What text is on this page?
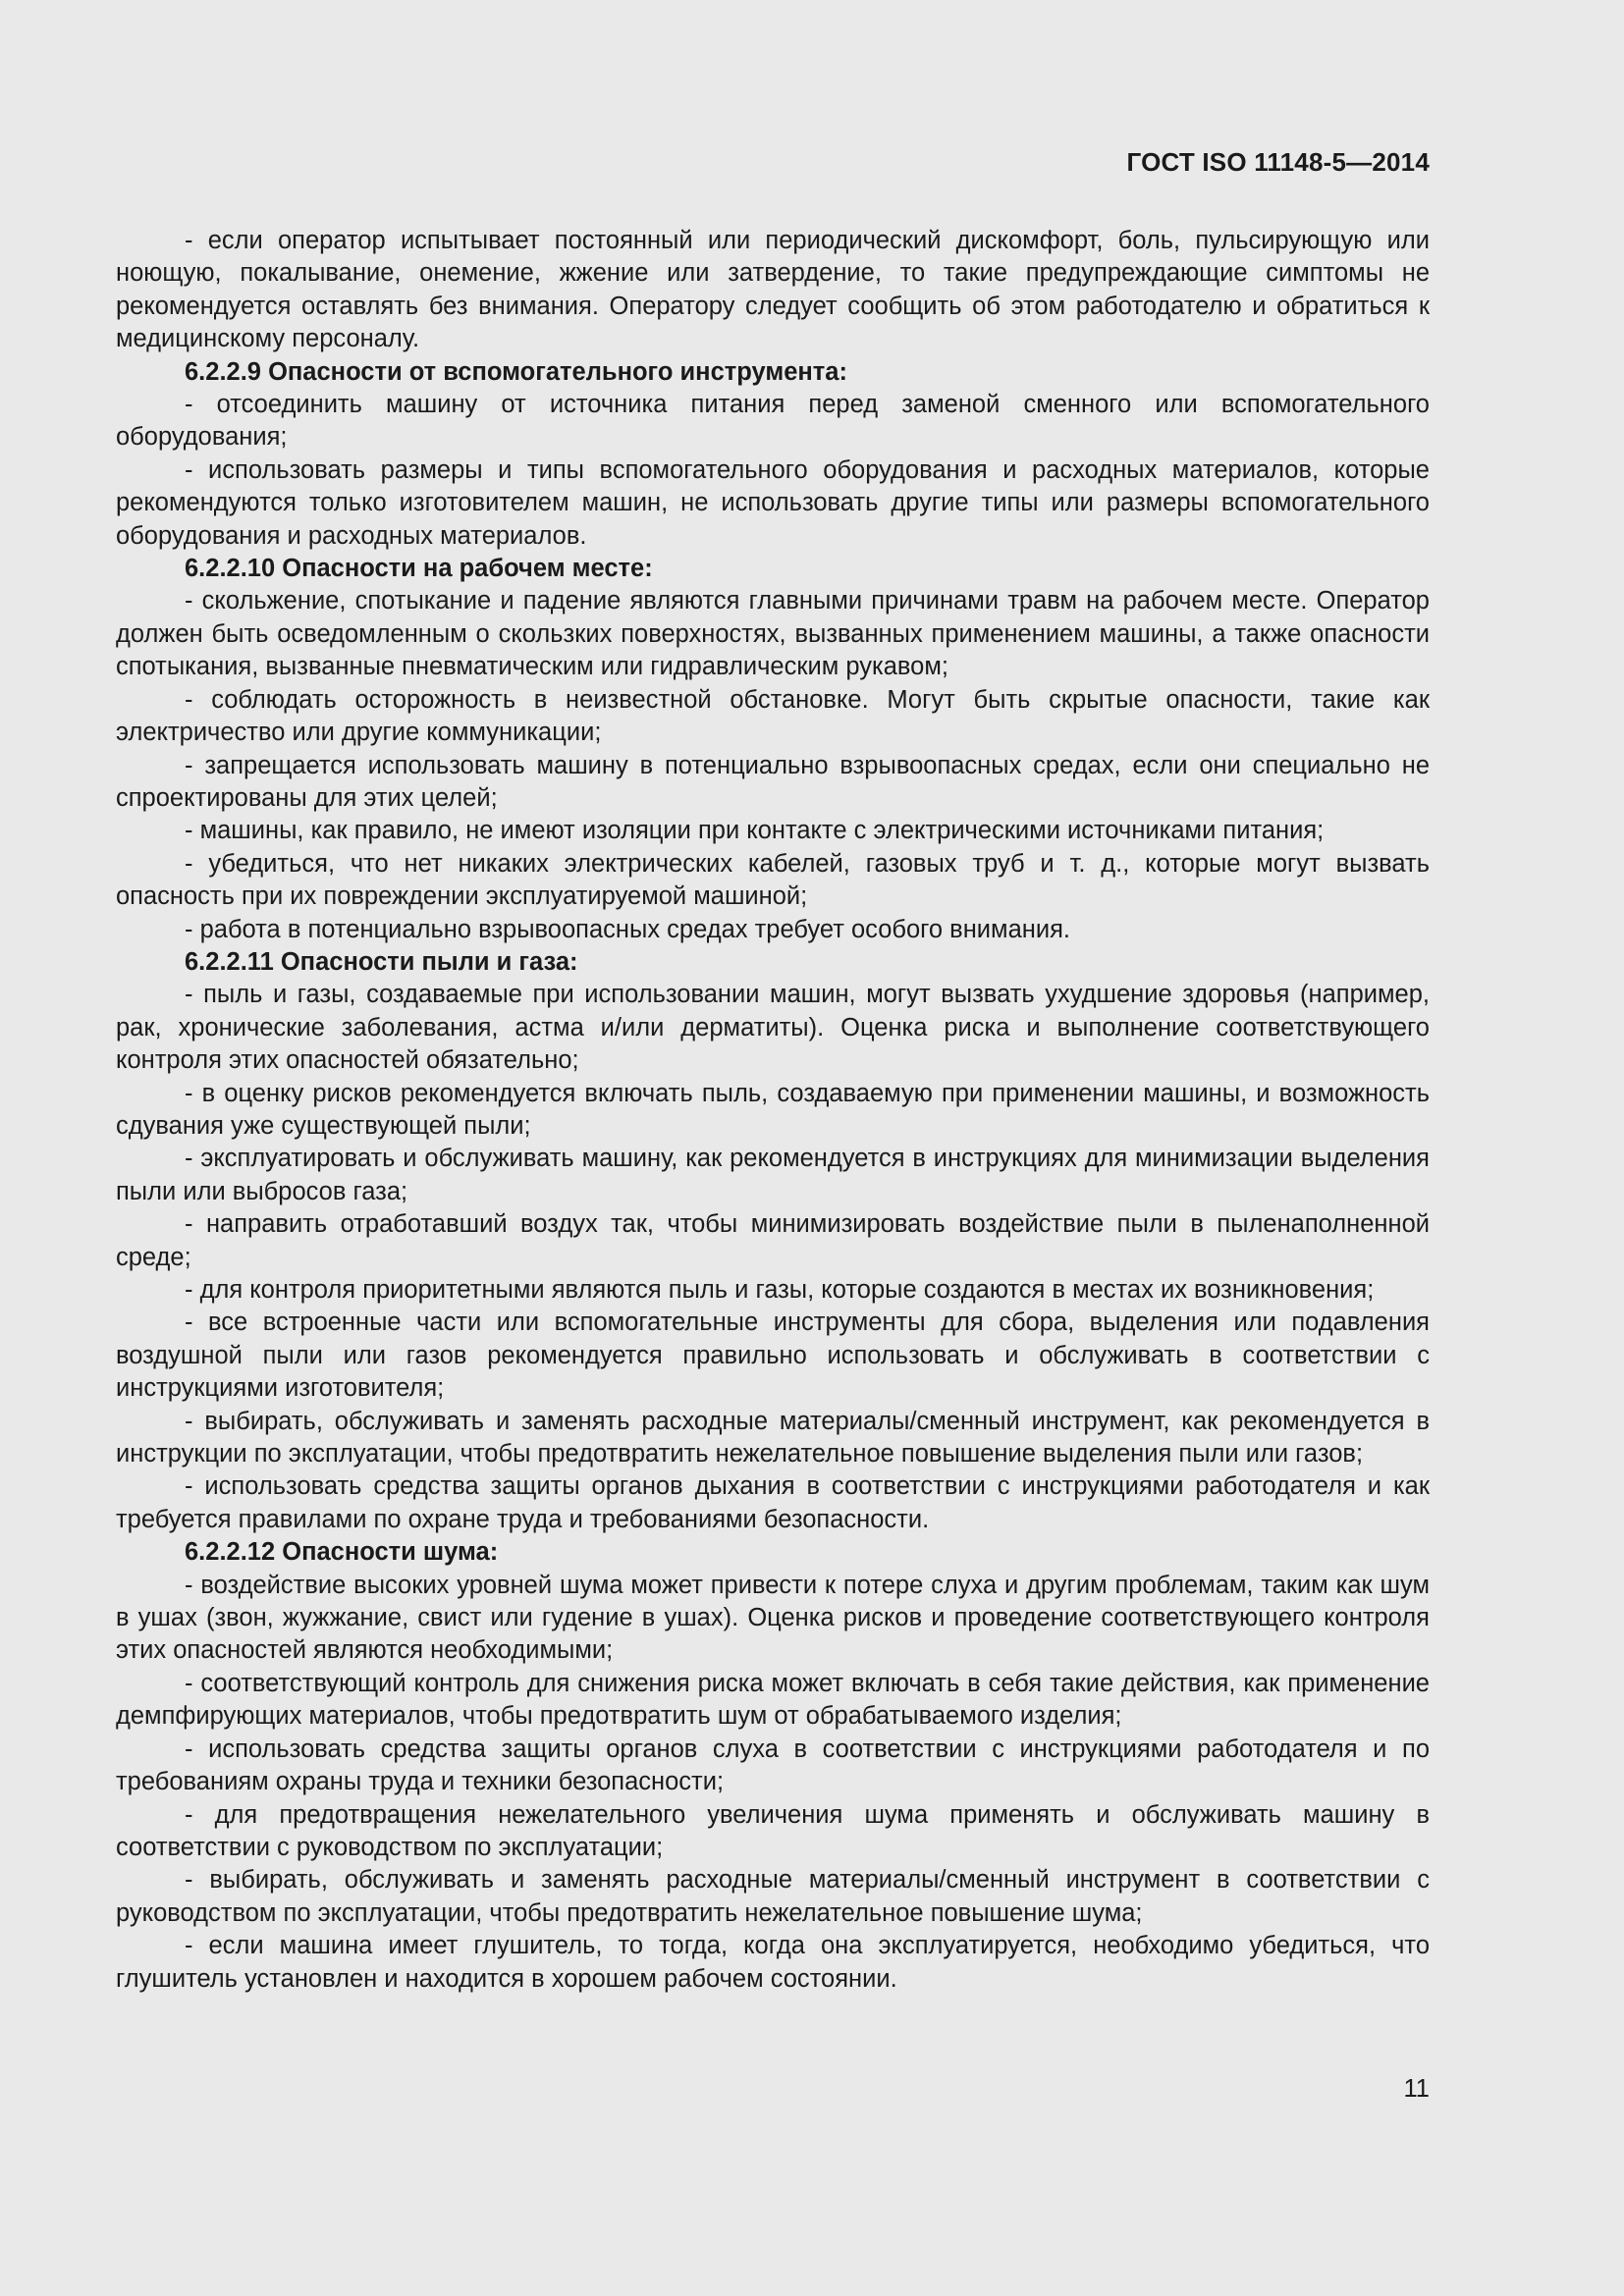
ГОСТ ISO 11148-5—2014

- если оператор испытывает постоянный или периодический дискомфорт, боль, пульсирующую или ноющую, покалывание, онемение, жжение или затвердение, то такие предупреждающие симптомы не рекомендуется оставлять без внимания. Оператору следует сообщить об этом работодателю и обратиться к медицинскому персоналу.

6.2.2.9 Опасности от вспомогательного инструмента:

- отсоединить машину от источника питания перед заменой сменного или вспомогательного оборудования;

- использовать размеры и типы вспомогательного оборудования и расходных материалов, которые рекомендуются только изготовителем машин, не использовать другие типы или размеры вспомогательного оборудования и расходных материалов.

6.2.2.10 Опасности на рабочем месте:

- скольжение, спотыкание и падение являются главными причинами травм на рабочем месте. Оператор должен быть осведомленным о скользких поверхностях, вызванных применением машины, а также опасности спотыкания, вызванные пневматическим или гидравлическим рукавом;

- соблюдать осторожность в неизвестной обстановке. Могут быть скрытые опасности, такие как электричество или другие коммуникации;

- запрещается использовать машину в потенциально взрывоопасных средах, если они специально не спроектированы для этих целей;

- машины, как правило, не имеют изоляции при контакте с электрическими источниками питания;

- убедиться, что нет никаких электрических кабелей, газовых труб и т. д., которые могут вызвать опасность при их повреждении эксплуатируемой машиной;

- работа в потенциально взрывоопасных средах требует особого внимания.

6.2.2.11 Опасности пыли и газа:

- пыль и газы, создаваемые при использовании машин, могут вызвать ухудшение здоровья (например, рак, хронические заболевания, астма и/или дерматиты). Оценка риска и выполнение соответствующего контроля этих опасностей обязательно;

- в оценку рисков рекомендуется включать пыль, создаваемую при применении машины, и возможность сдувания уже существующей пыли;

- эксплуатировать и обслуживать машину, как рекомендуется в инструкциях для минимизации выделения пыли или выбросов газа;

- направить отработавший воздух так, чтобы минимизировать воздействие пыли в пыленаполненной среде;

- для контроля приоритетными являются пыль и газы, которые создаются в местах их возникновения;

- все встроенные части или вспомогательные инструменты для сбора, выделения или подавления воздушной пыли или газов рекомендуется правильно использовать и обслуживать в соответствии с инструкциями изготовителя;

- выбирать, обслуживать и заменять расходные материалы/сменный инструмент, как рекомендуется в инструкции по эксплуатации, чтобы предотвратить нежелательное повышение выделения пыли или газов;

- использовать средства защиты органов дыхания в соответствии с инструкциями работодателя и как требуется правилами по охране труда и требованиями безопасности.

6.2.2.12 Опасности шума:

- воздействие высоких уровней шума может привести к потере слуха и другим проблемам, таким как шум в ушах (звон, жужжание, свист или гудение в ушах). Оценка рисков и проведение соответствующего контроля этих опасностей являются необходимыми;

- соответствующий контроль для снижения риска может включать в себя такие действия, как применение демпфирующих материалов, чтобы предотвратить шум от обрабатываемого изделия;

- использовать средства защиты органов слуха в соответствии с инструкциями работодателя и по требованиям охраны труда и техники безопасности;

- для предотвращения нежелательного увеличения шума применять и обслуживать машину в соответствии с руководством по эксплуатации;

- выбирать, обслуживать и заменять расходные материалы/сменный инструмент в соответствии с руководством по эксплуатации, чтобы предотвратить нежелательное повышение шума;

- если машина имеет глушитель, то тогда, когда она эксплуатируется, необходимо убедиться, что глушитель установлен и находится в хорошем рабочем состоянии.

11
